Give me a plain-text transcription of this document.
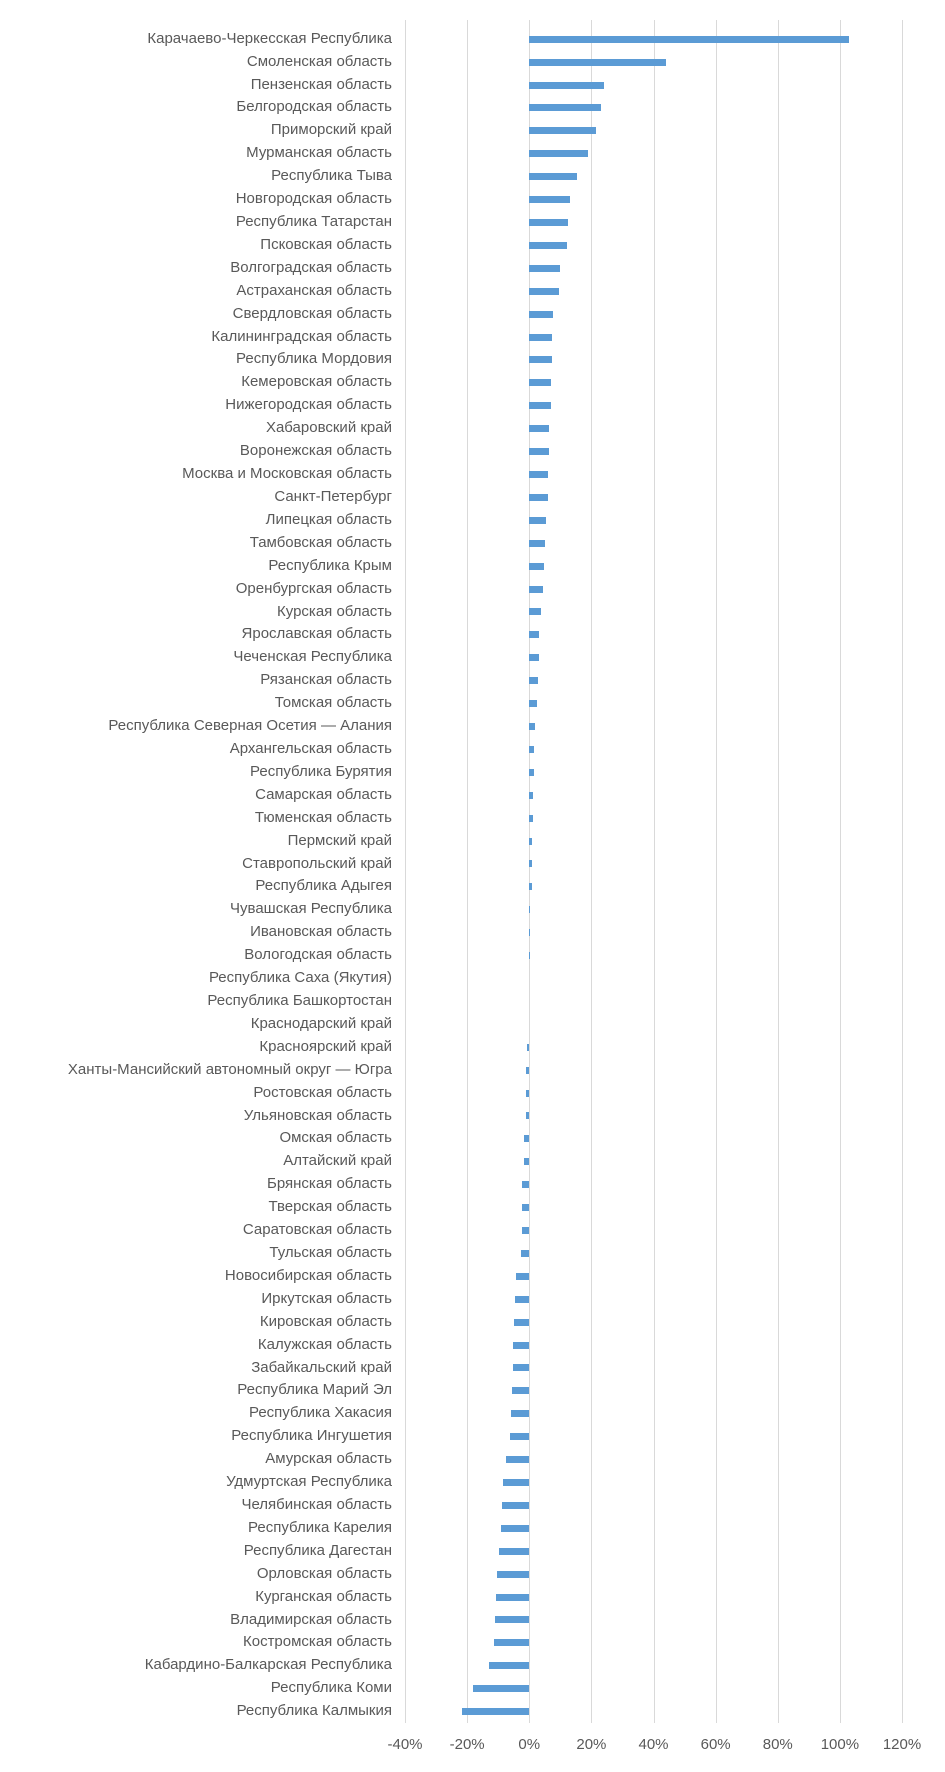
-40% -20% 0% 20% 40% 60% 80% 100% 120%
Карачаево-Черкесская Республика
Смоленская область
Пензенская область
Белгородская область
Приморский край
Мурманская область
Республика Тыва
Новгородская область
Республика Татарстан
Псковская область
Волгоградская область
Астраханская область
Свердловская область
Калининградская область
Республика Мордовия
Кемеровская область
Нижегородская область
Хабаровский край
Воронежская область
Москва и Московская область
Санкт-Петербург
Липецкая область
Тамбовская область
Республика Крым
Оренбургская область
Курская область
Ярославская область
Чеченская Республика
Рязанская область
Томская область
Республика Северная Осетия — Алания
Архангельская область
Республика Бурятия
Самарская область
Тюменская область
Пермский край
Ставропольский край
Республика Адыгея
Чувашская Республика
Ивановская область
Вологодская область
Республика Саха (Якутия)
Республика Башкортостан
Краснодарский край
Красноярский край
Ханты-Мансийский автономный округ — Югра
Ростовская область
Ульяновская область
Омская область
Алтайский край
Брянская область
Тверская область
Саратовская область
Тульская область
Новосибирская область
Иркутская область
Кировская область
Калужская область
Забайкальский край
Республика Марий Эл
Республика Хакасия
Республика Ингушетия
Амурская область
Удмуртская Республика
Челябинская область
Республика Карелия
Республика Дагестан
Орловская область
Курганская область
Владимирская область
Костромская область
Кабардино-Балкарская Республика
Республика Коми
Республика Калмыкия
